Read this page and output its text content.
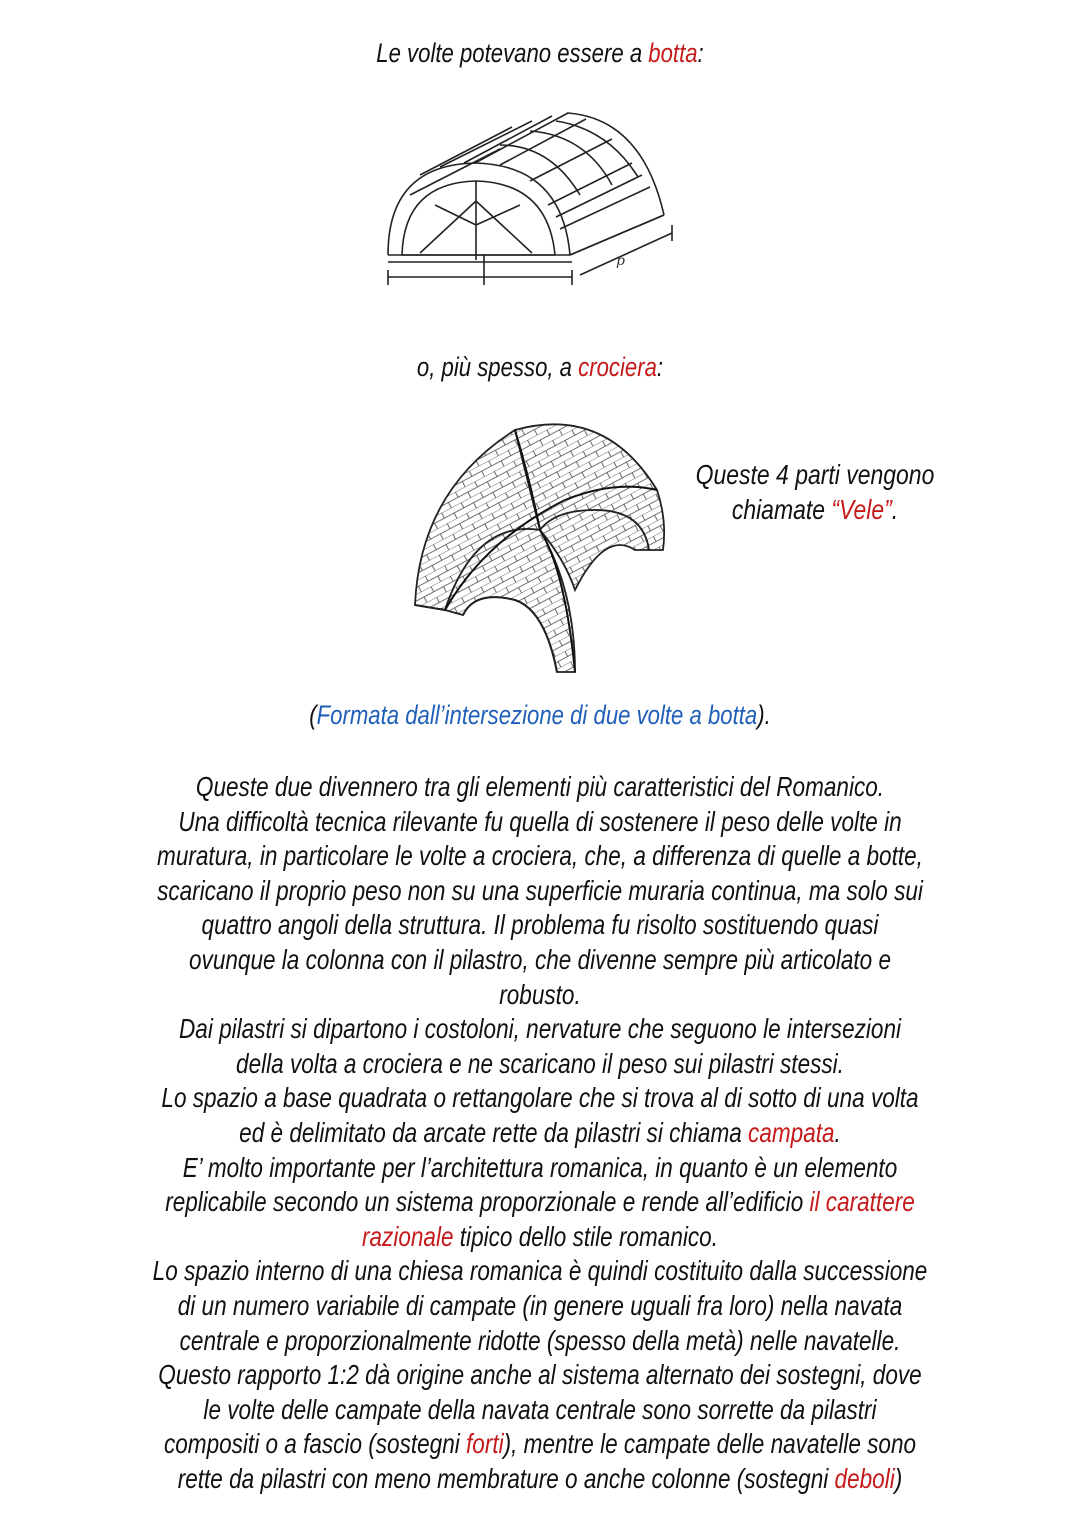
Le volte potevano essere a botta:
p
o, più spesso, a crociera:
Queste 4 parti vengono
chiamate “Vele”.
(Formata dall’intersezione di due volte a botta).
Queste due divennero tra gli elementi più caratteristici del Romanico.
Una difficoltà tecnica rilevante fu quella di sostenere il peso delle volte in
muratura, in particolare le volte a crociera, che, a differenza di quelle a botte,
scaricano il proprio peso non su una superficie muraria continua, ma solo sui
quattro angoli della struttura. Il problema fu risolto sostituendo quasi
ovunque la colonna con il pilastro, che divenne sempre più articolato e
robusto.
Dai pilastri si dipartono i costoloni, nervature che seguono le intersezioni
della volta a crociera e ne scaricano il peso sui pilastri stessi.
Lo spazio a base quadrata o rettangolare che si trova al di sotto di una volta
ed è delimitato da arcate rette da pilastri si chiama campata.
E’ molto importante per l’architettura romanica, in quanto è un elemento
replicabile secondo un sistema proporzionale e rende all’edificio il carattere
razionale tipico dello stile romanico.
Lo spazio interno di una chiesa romanica è quindi costituito dalla successione
di un numero variabile di campate (in genere uguali fra loro) nella navata
centrale e proporzionalmente ridotte (spesso della metà) nelle navatelle.
Questo rapporto 1:2 dà origine anche al sistema alternato dei sostegni, dove
le volte delle campate della navata centrale sono sorrette da pilastri
compositi o a fascio (sostegni forti), mentre le campate delle navatelle sono
rette da pilastri con meno membrature o anche colonne (sostegni deboli)
